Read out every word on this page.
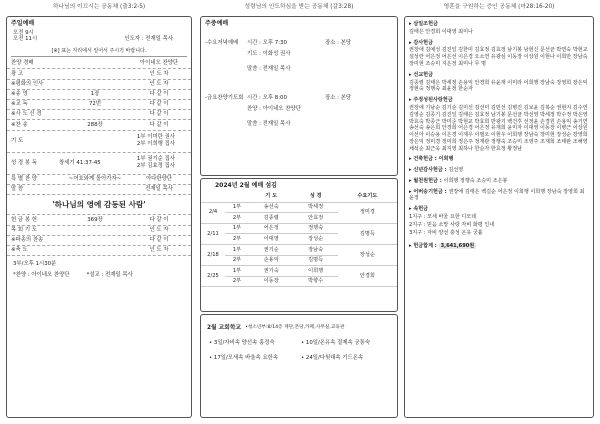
하나님의 이끄시는 공동체 (출3:2-5)	성령님의 인도하심을 받는 공동체 (갈3:28)	영혼을 구원하는 증인 공동체 (마28:16-20)
주일예배
오전 9시
오전 11시	인도자 : 전재일 목사
[※] 표는 자리에서 일어서 주시기 바랍니다.
찬양 경배	아이네오 찬양단
광 고	인 도 자
※평화의 인사	인 도 자
※송 영	1장	다 같 이
※교 독	72번	다 같 이
※사 도 신 경	다 같 이
※찬 송	288장	다 같 이
기 도
1부 이미란 권사
2부 이희행 집사
성 경 봉 독	창세기 41:37-45
1부 권기순 집사
2부 김효정 집사
특 별 찬 양	~여호와께 돌아가자~	아다한양단
말 씀	전재일 목사
'하나님의 영에 감동된 사람'
헌 금 봉 헌	369장	다 같 이
목 회 기 도	인 도 자
※파송의 찬송	다 같 이
※축 도	인 도 자
3부/오후 1시30분
*찬양 : 아이네오 찬양단          *설교 : 전재일 목사
주중예배
-수요저녁예배	시간 : 오후 7:30	장소 : 본당
기도 : 이화성 권사
말씀 : 전재일 목사
-금요찬양기도회 시간 : 오후 8:00	장소 : 본당
찬양 : 아이네오 찬양단
말씀 : 전재일 목사
2024년 2월 예배 섬김
		기 도	성 경	수요기도
2/4	1부	송선숙	박세정	정미경
	2부	김종렬	안효정	
2/11	1부	어은정	정행숙	김명득
	2부	이대영	장성순	
2/18	1부	권기순	장남숙	장성순
	2부	손용익	김명득	
2/25	1부	권기숙	이희행	안경희
	2부	이동장	박향수	
2월 교회학교 •청소년부:8/14층 계단,본당,카페,사무실,교육관
• 3일/자비속 양선속 홍정숙	• 10일/온유속 절제속 궁통숙
• 17일/모세속 바울속 요한속	• 24일/다윗대속 기드온속

▸ 삼일조헌금

김태은 안경희 이대영 최미나

▸ 감사헌금

권장애 김예성 김진일 김한미 김효정 김효정 남기봉 남현신 문선균 박연숙 박현교 설성란 어은정 어은선 이은경 오소연 유광심 이동장 이상원 이현나 이희만 장남숙 장미현 조승미 지은정 최미나 무 명

▸ 선교헌금

김종렬 김태은 박세정 손용익 안경희 유윤재 이미라 이희행 장남숙 장영희 장은익 정현숙 정행숙 최윤정 한순자

▸ 주정성된사랑헌금

권장애 기남순 김기순 김미선 김선미 김민선 김병진 김보윤 김복순 권현지 김수연 김영순 김종기 김진일 김태은 김효정 남기봉 문선균 박선영 박세정 박수정 박은영 박효숙 박종근 박미준 박현교 박효희 반광기 백건후 선정윤 손경원 손용익 송기연 송선숙 송은희 안경희 어은경 어은정 유재희 윤미자 이대영 이동장 이병근 이상원 이선아 이승용 이은경 이재우 이필오 이현우 이희행 장남숙 장미현 장성순 장영희 장은익 정미경 정미희 정은주 정재관 정행숙 조승미 조영주 조재희 조태완 조해영 채석순 최근욱 최지영 최하나 한순자 한효정 황정남

▸ 건축헌금 : 이희행

▸ 신년감사헌금 : 김선영

▸ 월천원헌금 : 이희행 정행숙 조승미 조은봉

▸ 어버숭기헌금 : 권장애 김태은 백길순 어은정 이희행 이희행 장남숙 장영희 최윤정

▸ 속헌금

1지구 : 모세 바울 요한 디모데

2지구 : 믿음 소망 사랑 자비 화평 인내

3지구 : 자비 양선 충성 온유 궁휼

▸ 헌금합계 : 3,641,690원
